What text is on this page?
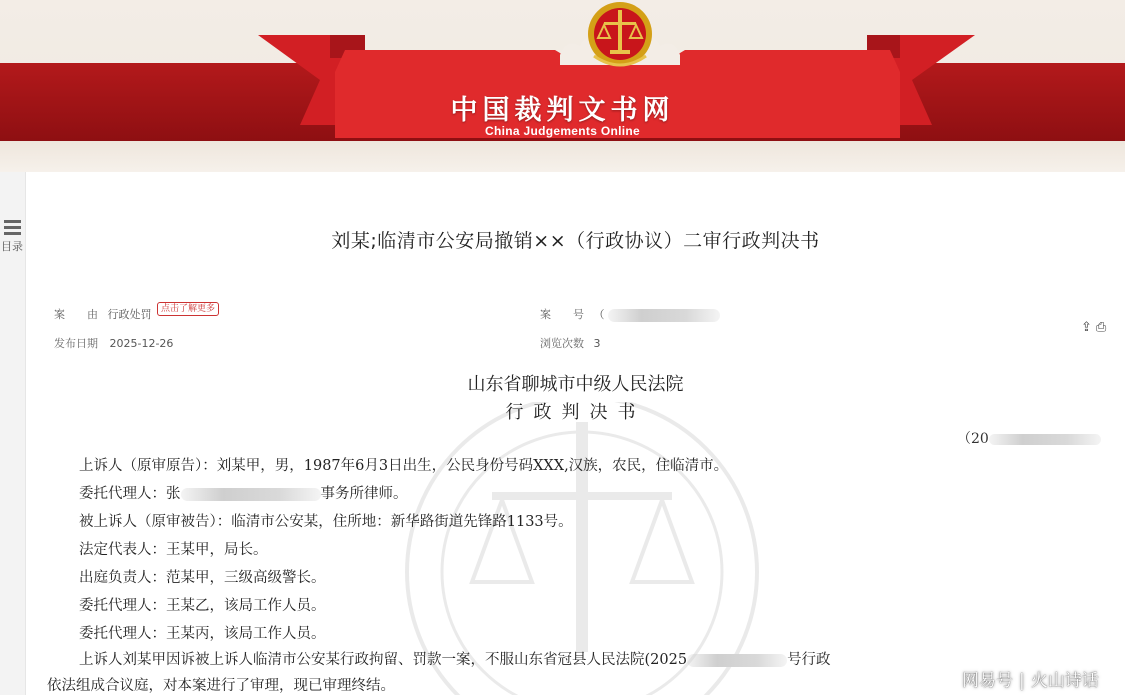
中国裁判文书网
China Judgements Online
目录	刘某;临清市公安局撤销××（行政协议）二审行政判决书
案　　由 行政处罚 点击了解更多	案　　号 （
发布日期 2025-12-26	浏览次数 3
⇪ ⎙
山东省聊城市中级人民法院
行政判决书
（20
上诉人（原审原告）：刘某甲，男，1987年6月3日出生，公民身份号码XXX,汉族，农民，住临清市。
委托代理人：张	事务所律师。
被上诉人（原审被告）：临清市公安某，住所地：新华路街道先锋路1133号。
法定代表人：王某甲，局长。
出庭负责人：范某甲，三级高级警长。
委托代理人：王某乙，该局工作人员。
委托代理人：王某丙，该局工作人员。
上诉人刘某甲因诉被上诉人临清市公安某行政拘留、罚款一案，不服山东省冠县人民法院(2025	号行政
依法组成合议庭，对本案进行了审理，现已审理终结。	网易号 | 火山诗话
